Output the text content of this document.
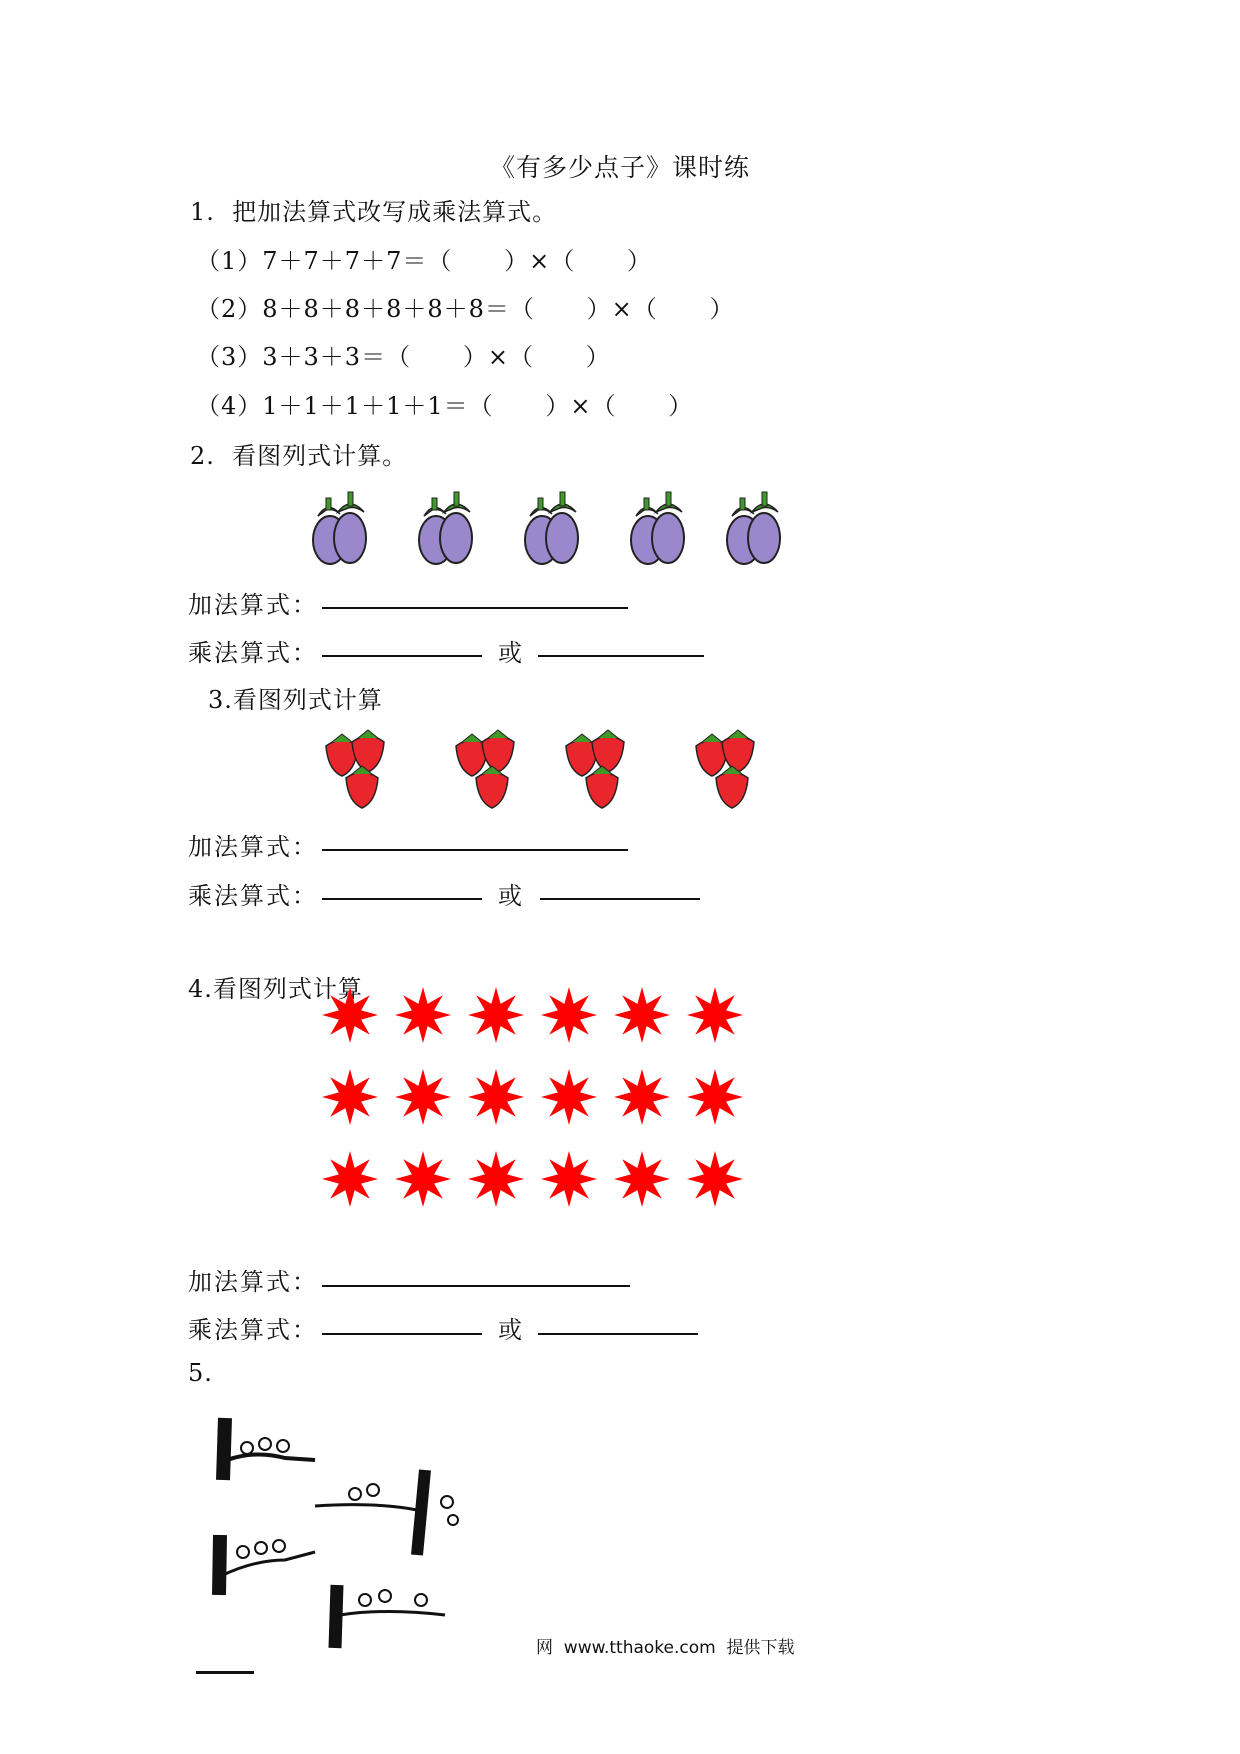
《有多少点子》课时练
1.  把加法算式改写成乘法算式。
（1）7＋7＋7＋7＝（      ）×（      ）
（2）8＋8＋8＋8＋8＋8＝（      ）×（      ）
（3）3＋3＋3＝（      ）×（      ）
（4）1＋1＋1＋1＋1＝（      ）×（      ）
2.  看图列式计算。
加法算式：
乘法算式：	或
3.看图列式计算
加法算式：
乘法算式：	或
4.看图列式计算
加法算式：
乘法算式：	或
5.
网  www.tthaoke.com  提供下载
